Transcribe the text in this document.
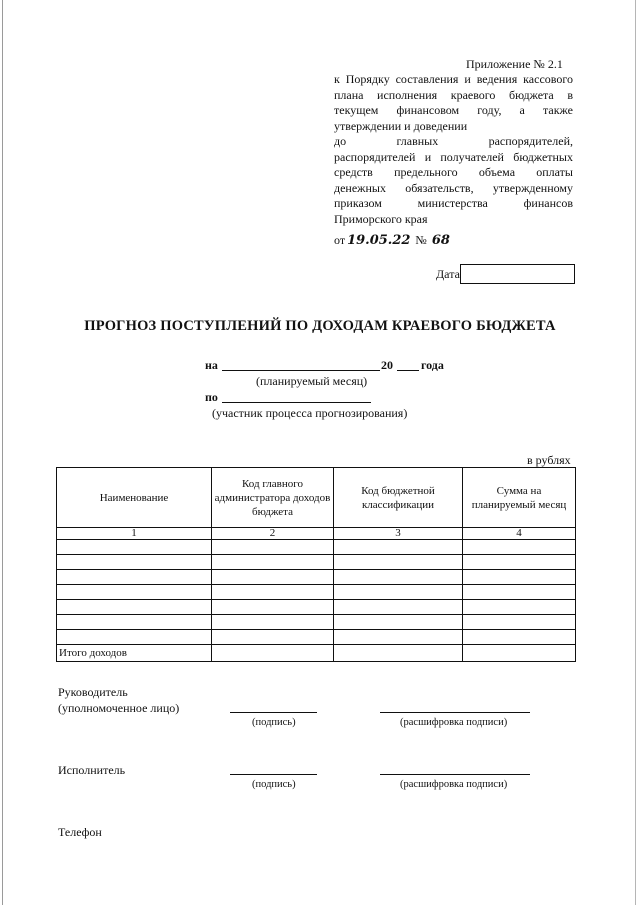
Приложение № 2.1
к Порядку составления и ведения кассового
плана исполнения краевого бюджета в
текущем финансовом году, а также
утверждении и доведении
до главных распорядителей,
распорядителей и получателей бюджетных
средств предельного объема оплаты
денежных обязательств, утвержденному
приказом министерства финансов
Приморского края
от 19.05.22 № 68
Дата
ПРОГНОЗ ПОСТУПЛЕНИЙ ПО ДОХОДАМ КРАЕВОГО БЮДЖЕТА
на	20 года
(планируемый месяц)
по
(участник процесса прогнозирования)
в рублях
Наименование	Код главного администратора доходов бюджета	Код бюджетной классификации	Сумма на планируемый месяц
1	2	3	4

Итого доходов			
Руководитель
(уполномоченное лицо)
(подпись)	(расшифровка подписи)
Исполнитель
(подпись)	(расшифровка подписи)
Телефон
